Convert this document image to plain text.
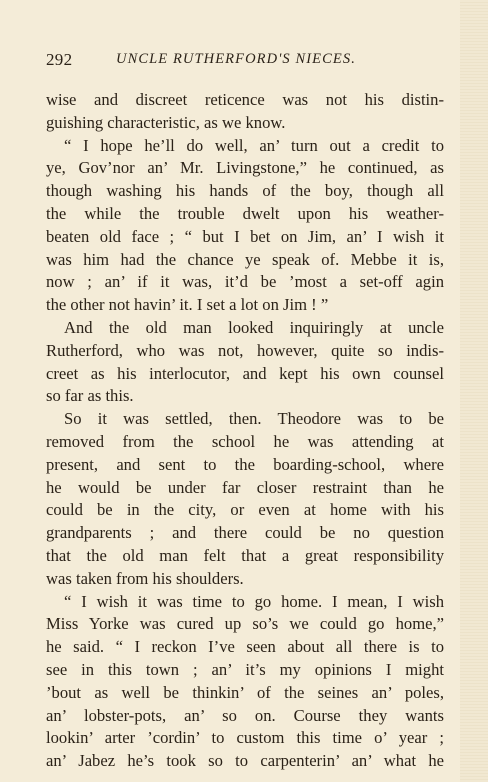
292	UNCLE RUTHERFORD'S NIECES.
wise and discreet reticence was not his distin-
guishing characteristic, as we know.
“ I hope he’ll do well, an’ turn out a credit to
ye, Gov’nor an’ Mr. Livingstone,” he continued, as
though washing his hands of the boy, though all
the while the trouble dwelt upon his weather-
beaten old face ; “ but I bet on Jim, an’ I wish it
was him had the chance ye speak of. Mebbe it is,
now ; an’ if it was, it’d be ’most a set-off agin
the other not havin’ it. I set a lot on Jim ! ”
And the old man looked inquiringly at uncle
Rutherford, who was not, however, quite so indis-
creet as his interlocutor, and kept his own counsel
so far as this.
So it was settled, then. Theodore was to be
removed from the school he was attending at
present, and sent to the boarding-school, where
he would be under far closer restraint than he
could be in the city, or even at home with his
grandparents ; and there could be no question
that the old man felt that a great responsibility
was taken from his shoulders.
“ I wish it was time to go home. I mean, I wish
Miss Yorke was cured up so’s we could go home,”
he said. “ I reckon I’ve seen about all there is to
see in this town ; an’ it’s my opinions I might
’bout as well be thinkin’ of the seines an’ poles,
an’ lobster-pots, an’ so on. Course they wants
lookin’ arter ’cordin’ to custom this time o’ year ;
an’ Jabez he’s took so to carpenterin’ an’ what he
